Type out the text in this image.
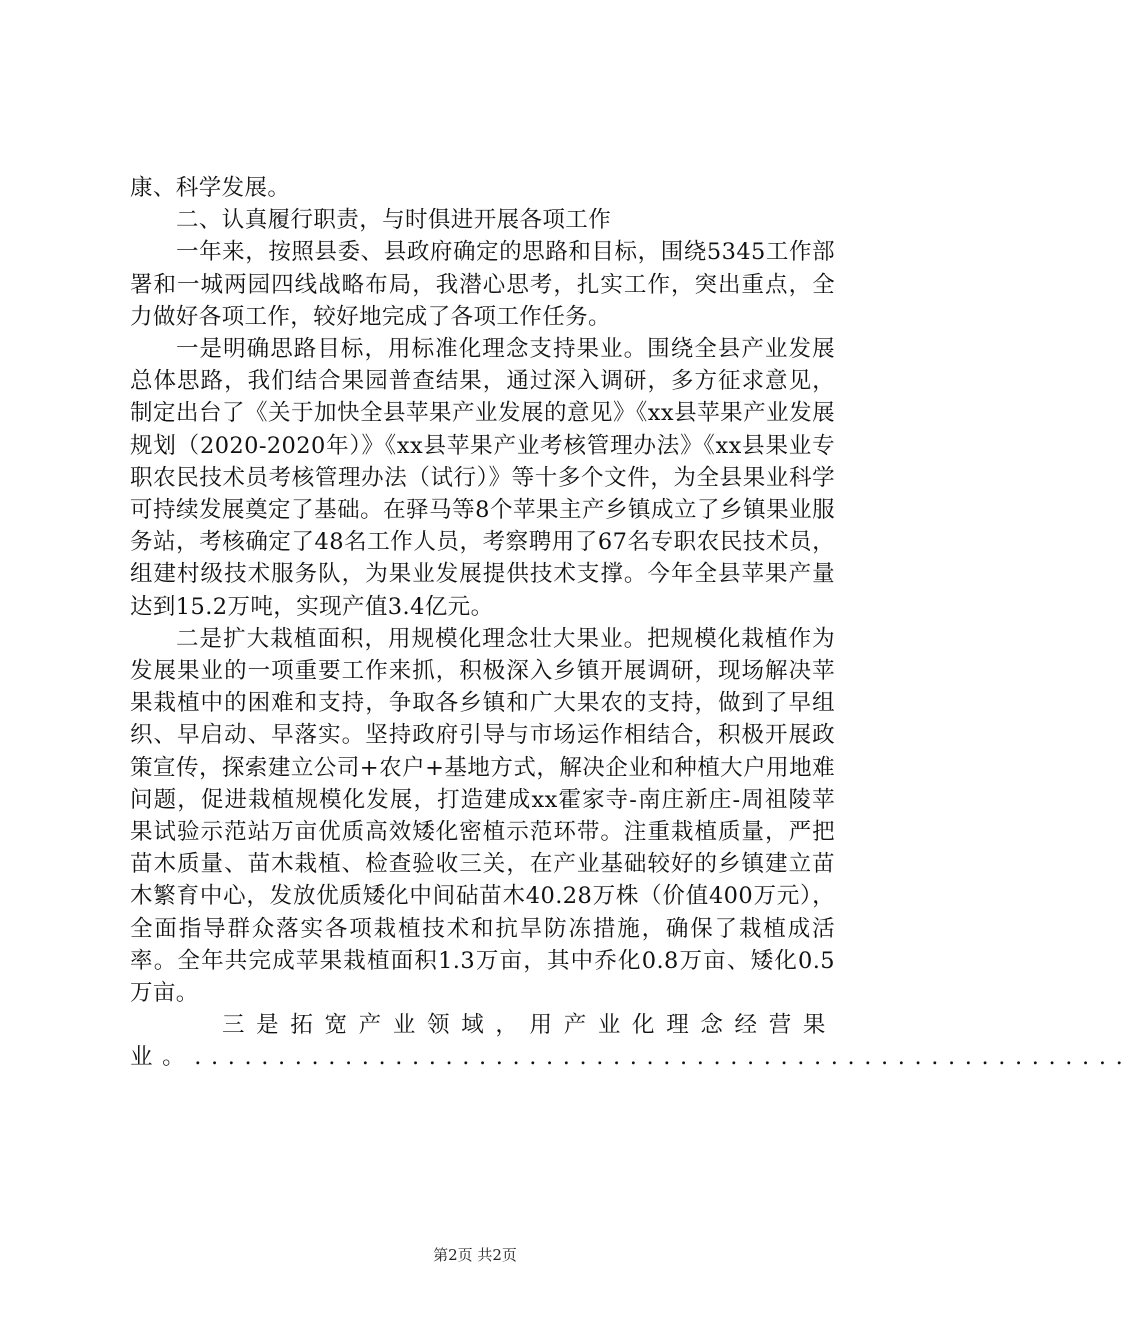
康、科学发展。

二、认真履行职责，与时俱进开展各项工作

一年来，按照县委、县政府确定的思路和目标，围绕5345工作部署和一城两园四线战略布局，我潜心思考，扎实工作，突出重点，全力做好各项工作，较好地完成了各项工作任务。

一是明确思路目标，用标准化理念支持果业。围绕全县产业发展总体思路，我们结合果园普查结果，通过深入调研，多方征求意见，制定出台了《关于加快全县苹果产业发展的意见》《xx县苹果产业发展规划（2020-2020年）》《xx县苹果产业考核管理办法》《xx县果业专职农民技术员考核管理办法（试行）》等十多个文件，为全县果业科学可持续发展奠定了基础。在驿马等8个苹果主产乡镇成立了乡镇果业服务站，考核确定了48名工作人员，考察聘用了67名专职农民技术员，组建村级技术服务队，为果业发展提供技术支撑。今年全县苹果产量达到15.2万吨，实现产值3.4亿元。

二是扩大栽植面积，用规模化理念壮大果业。把规模化栽植作为发展果业的一项重要工作来抓，积极深入乡镇开展调研，现场解决苹果栽植中的困难和支持，争取各乡镇和广大果农的支持，做到了早组织、早启动、早落实。坚持政府引导与市场运作相结合，积极开展政策宣传，探索建立公司+农户+基地方式，解决企业和种植大户用地难问题，促进栽植规模化发展，打造建成xx霍家寺-南庄新庄-周祖陵苹果试验示范站万亩优质高效矮化密植示范环带。注重栽植质量，严把苗木质量、苗木栽植、检查验收三关，在产业基础较好的乡镇建立苗木繁育中心，发放优质矮化中间砧苗木40.28万株（价值400万元），全面指导群众落实各项栽植技术和抗旱防冻措施，确保了栽植成活率。全年共完成苹果栽植面积1.3万亩，其中乔化0.8万亩、矮化0.5万亩。

三是拓宽产业领域，用产业化理念经营果业。........................................................

第2页 共2页
